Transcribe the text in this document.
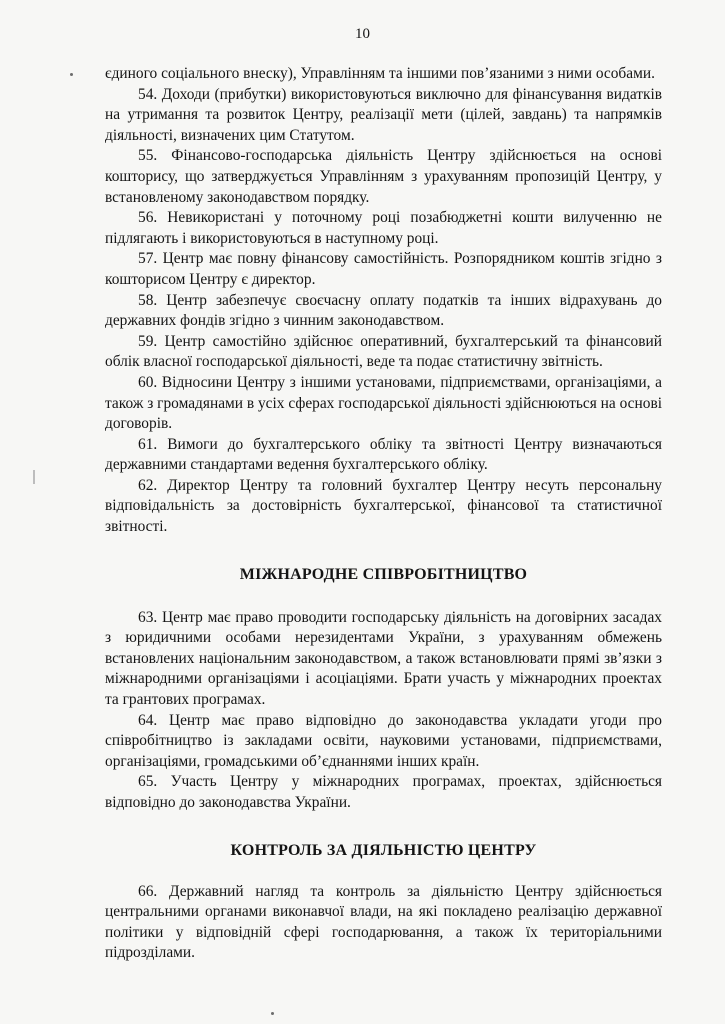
10

єдиного соціального внеску), Управлінням та іншими пов’язаними з ними особами.

54. Доходи (прибутки) використовуються виключно для фінансування видатків на утримання та розвиток Центру, реалізації мети (цілей, завдань) та напрямків діяльності, визначених цим Статутом.

55. Фінансово-господарська діяльність Центру здійснюється на основі кошторису, що затверджується Управлінням з урахуванням пропозицій Центру, у встановленому законодавством порядку.

56. Невикористані у поточному році позабюджетні кошти вилученню не підлягають і використовуються в наступному році.

57. Центр має повну фінансову самостійність. Розпорядником коштів згідно з кошторисом Центру є директор.

58. Центр забезпечує своєчасну оплату податків та інших відрахувань до державних фондів згідно з чинним законодавством.

59. Центр самостійно здійснює оперативний, бухгалтерський та фінансовий облік власної господарської діяльності, веде та подає статистичну звітність.

60. Відносини Центру з іншими установами, підприємствами, організаціями, а також з громадянами в усіх сферах господарської діяльності здійснюються на основі договорів.

61. Вимоги до бухгалтерського обліку та звітності Центру визначаються державними стандартами ведення бухгалтерського обліку.

62. Директор Центру та головний бухгалтер Центру несуть персональну відповідальність за достовірність бухгалтерської, фінансової та статистичної звітності.

МІЖНАРОДНЕ СПІВРОБІТНИЦТВО

63. Центр має право проводити господарську діяльність на договірних засадах з юридичними особами нерезидентами України, з урахуванням обмежень встановлених національним законодавством, а також встановлювати прямі зв’язки з міжнародними організаціями і асоціаціями. Брати участь у міжнародних проектах та грантових програмах.

64. Центр має право відповідно до законодавства укладати угоди про співробітництво із закладами освіти, науковими установами, підприємствами, організаціями, громадськими об’єднаннями інших країн.

65. Участь Центру у міжнародних програмах, проектах, здійснюється відповідно до законодавства України.

КОНТРОЛЬ ЗА ДІЯЛЬНІСТЮ ЦЕНТРУ

66. Державний нагляд та контроль за діяльністю Центру здійснюється центральними органами виконавчої влади, на які покладено реалізацію державної політики у відповідній сфері господарювання, а також їх територіальними підрозділами.
